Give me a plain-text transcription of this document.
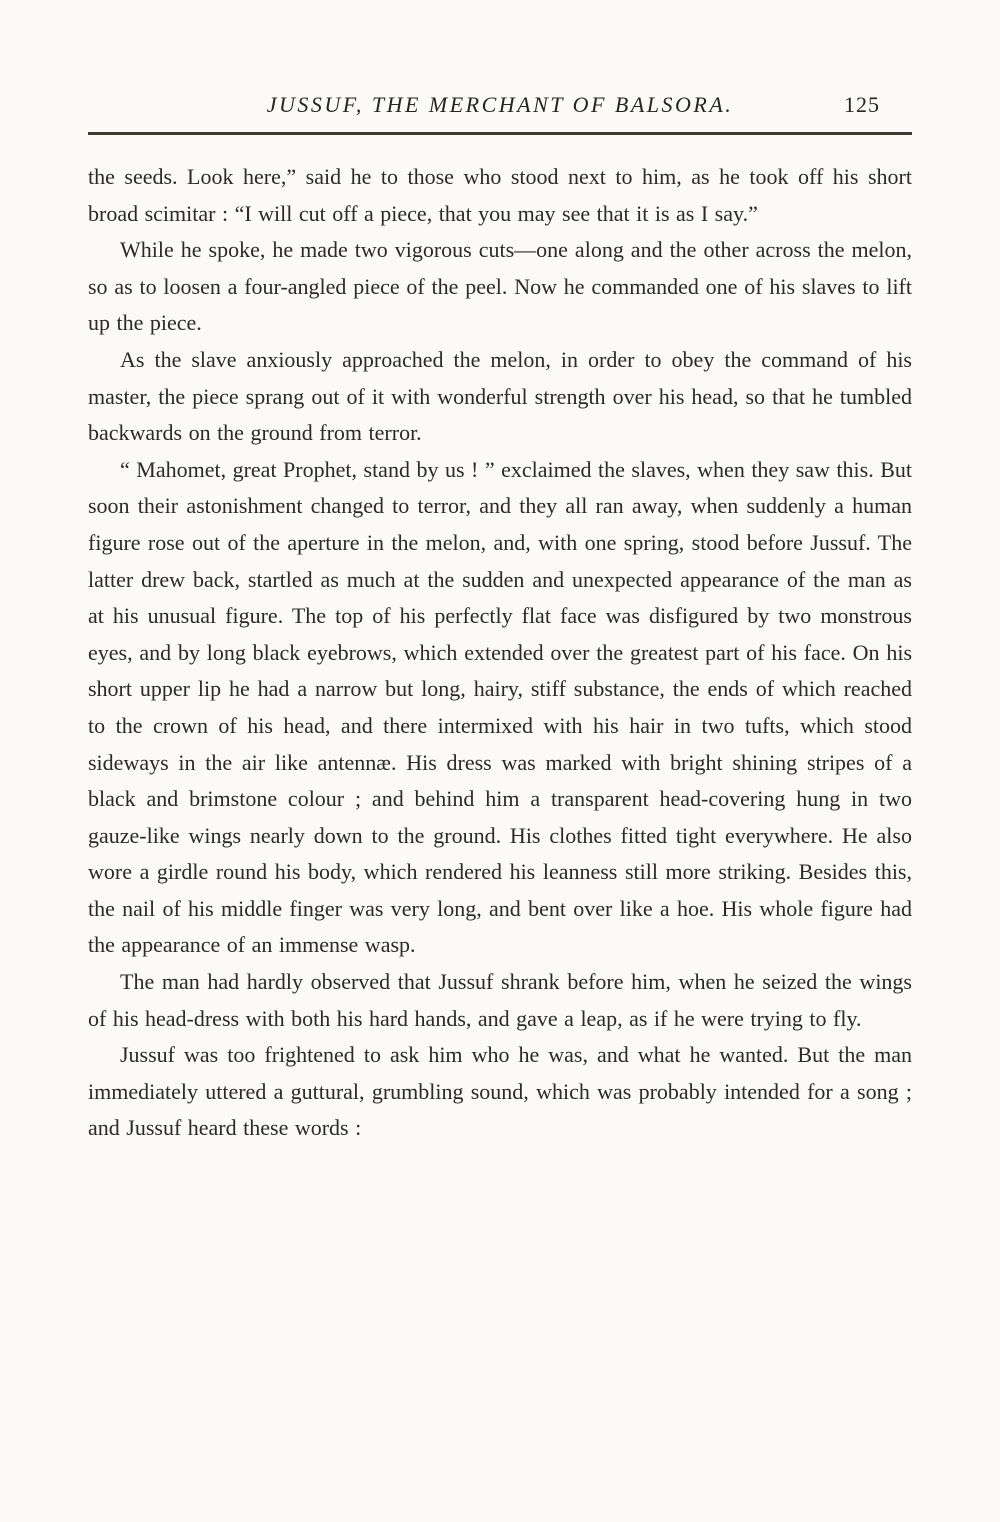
JUSSUF, THE MERCHANT OF BALSORA.	125

the seeds. Look here,” said he to those who stood next to him, as he took off his short broad scimitar : “I will cut off a piece, that you may see that it is as I say.”

While he spoke, he made two vigorous cuts—one along and the other across the melon, so as to loosen a four-angled piece of the peel. Now he commanded one of his slaves to lift up the piece.

As the slave anxiously approached the melon, in order to obey the command of his master, the piece sprang out of it with wonderful strength over his head, so that he tumbled backwards on the ground from terror.

“ Mahomet, great Prophet, stand by us ! ” exclaimed the slaves, when they saw this. But soon their astonishment changed to terror, and they all ran away, when suddenly a human figure rose out of the aperture in the melon, and, with one spring, stood before Jussuf. The latter drew back, startled as much at the sudden and unexpected appearance of the man as at his unusual figure. The top of his perfectly flat face was disfigured by two monstrous eyes, and by long black eyebrows, which extended over the greatest part of his face. On his short upper lip he had a narrow but long, hairy, stiff substance, the ends of which reached to the crown of his head, and there intermixed with his hair in two tufts, which stood sideways in the air like antennæ. His dress was marked with bright shining stripes of a black and brimstone colour ; and behind him a transparent head-covering hung in two gauze-like wings nearly down to the ground. His clothes fitted tight everywhere. He also wore a girdle round his body, which rendered his leanness still more striking. Besides this, the nail of his middle finger was very long, and bent over like a hoe. His whole figure had the appearance of an immense wasp.

The man had hardly observed that Jussuf shrank before him, when he seized the wings of his head-dress with both his hard hands, and gave a leap, as if he were trying to fly.

Jussuf was too frightened to ask him who he was, and what he wanted. But the man immediately uttered a guttural, grumbling sound, which was probably intended for a song ; and Jussuf heard these words :
